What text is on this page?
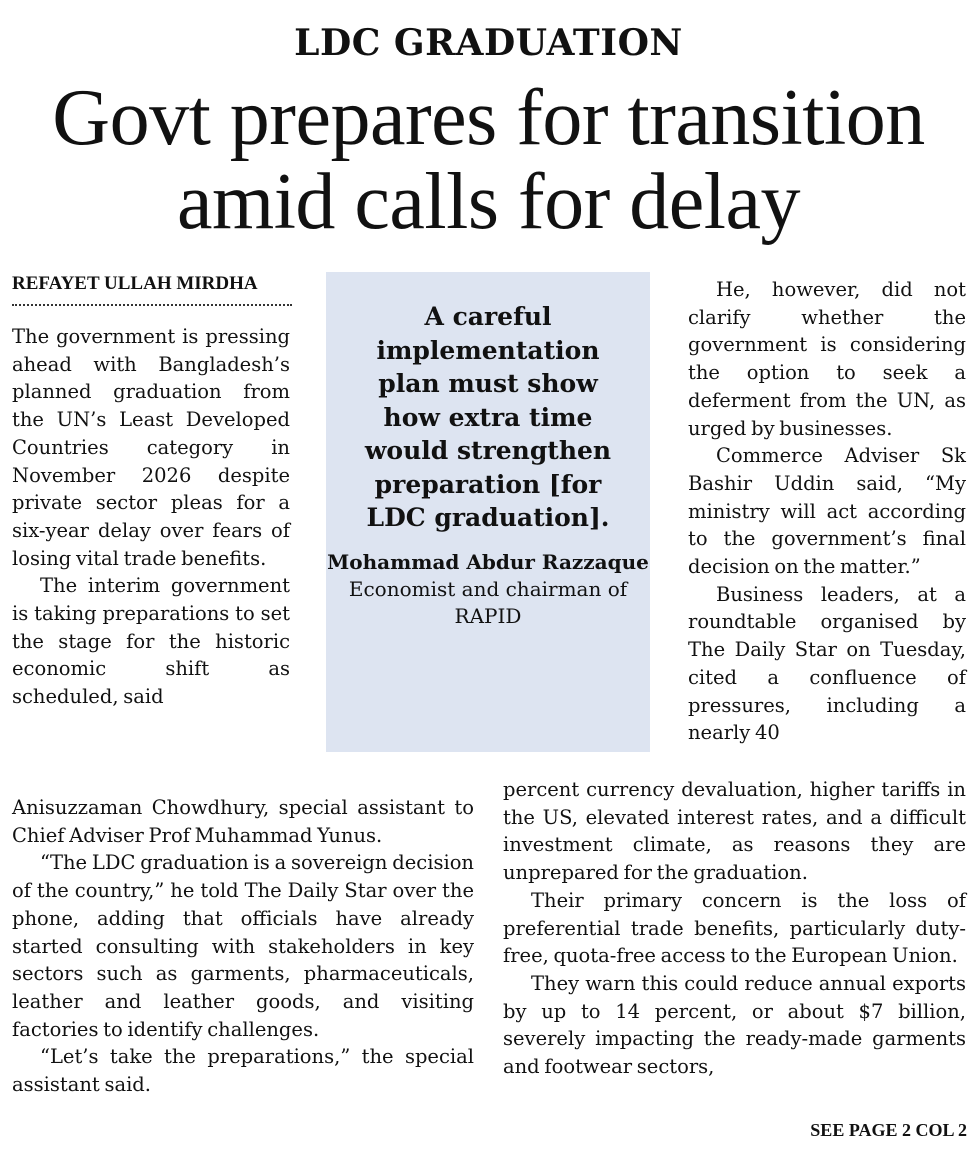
LDC GRADUATION
Govt prepares for transition amid calls for delay
REFAYET ULLAH MIRDHA

The government is pressing ahead with Bangladesh’s planned graduation from the UN’s Least Developed Countries category in November 2026 despite private sector pleas for a six-year delay over fears of losing vital trade benefits.

The interim government is taking preparations to set the stage for the historic economic shift as scheduled, said

A careful implementation plan must show how extra time would strengthen preparation [for LDC graduation].
Mohammad Abdur Razzaque
Economist and chairman of RAPID

Anisuzzaman Chowdhury, special assistant to Chief Adviser Prof Muhammad Yunus.

“The LDC graduation is a sovereign decision of the country,” he told The Daily Star over the phone, adding that officials have already started consulting with stakeholders in key sectors such as garments, pharmaceuticals, leather and leather goods, and visiting factories to identify challenges.

“Let’s take the preparations,” the special assistant said.

He, however, did not clarify whether the government is considering the option to seek a deferment from the UN, as urged by businesses.

Commerce Adviser Sk Bashir Uddin said, “My ministry will act according to the government’s final decision on the matter.”

Business leaders, at a roundtable organised by The Daily Star on Tuesday, cited a confluence of pressures, including a nearly 40

percent currency devaluation, higher tariffs in the US, elevated interest rates, and a difficult investment climate, as reasons they are unprepared for the graduation.

Their primary concern is the loss of preferential trade benefits, particularly duty-free, quota-free access to the European Union.

They warn this could reduce annual exports by up to 14 percent, or about $7 billion, severely impacting the ready-made garments and footwear sectors,

SEE PAGE 2 COL 2
